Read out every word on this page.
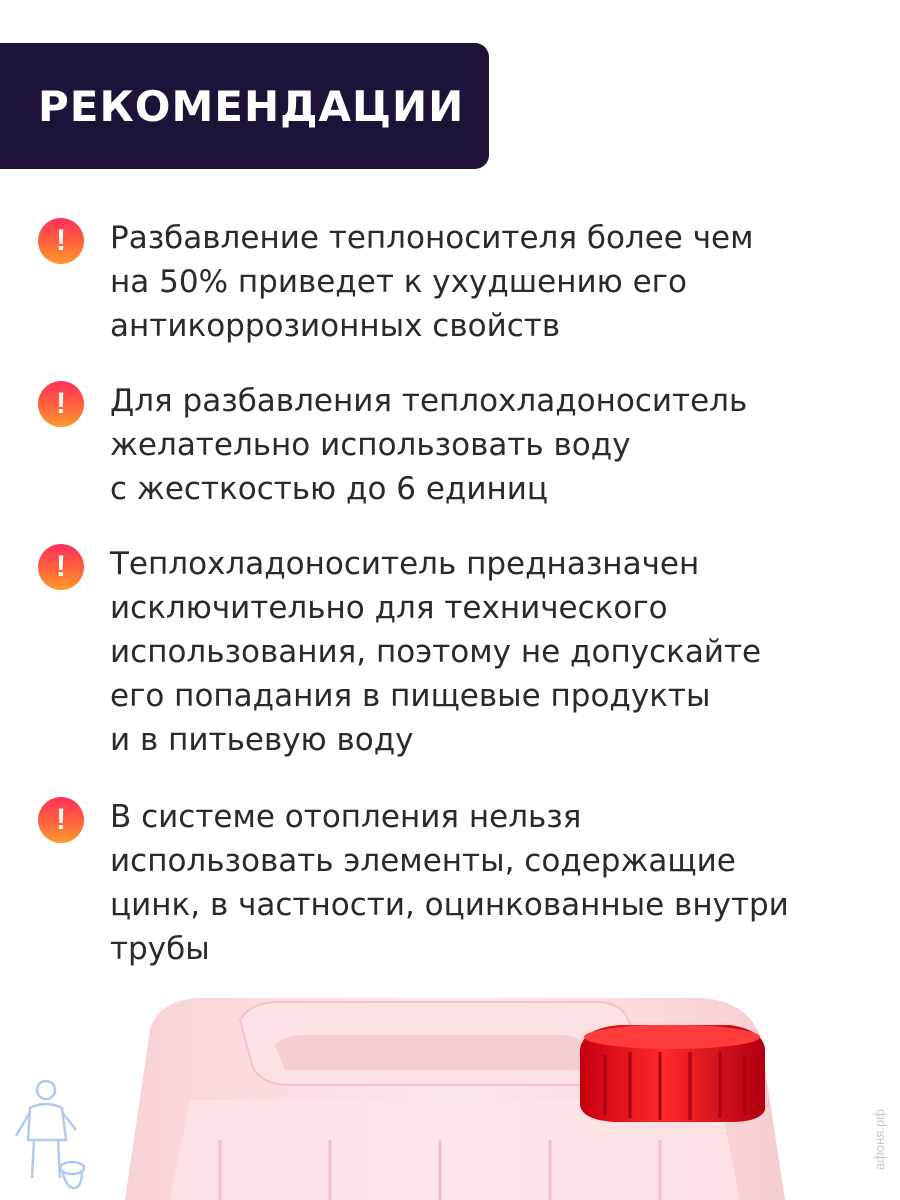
РЕКОМЕНДАЦИИ
! Разбавление теплоносителя более чем
на 50% приведет к ухудшению его
антикоррозионных свойств
! Для разбавления теплохладоноситель
желательно использовать воду
с жесткостью до 6 единиц
! Теплохладоноситель предназначен
исключительно для технического
использования, поэтому не допускайте
его попадания в пищевые продукты
и в питьевую воду
! В системе отопления нельзя
использовать элементы, содержащие
цинк, в частности, оцинкованные внутри
трубы
афоня.рф
